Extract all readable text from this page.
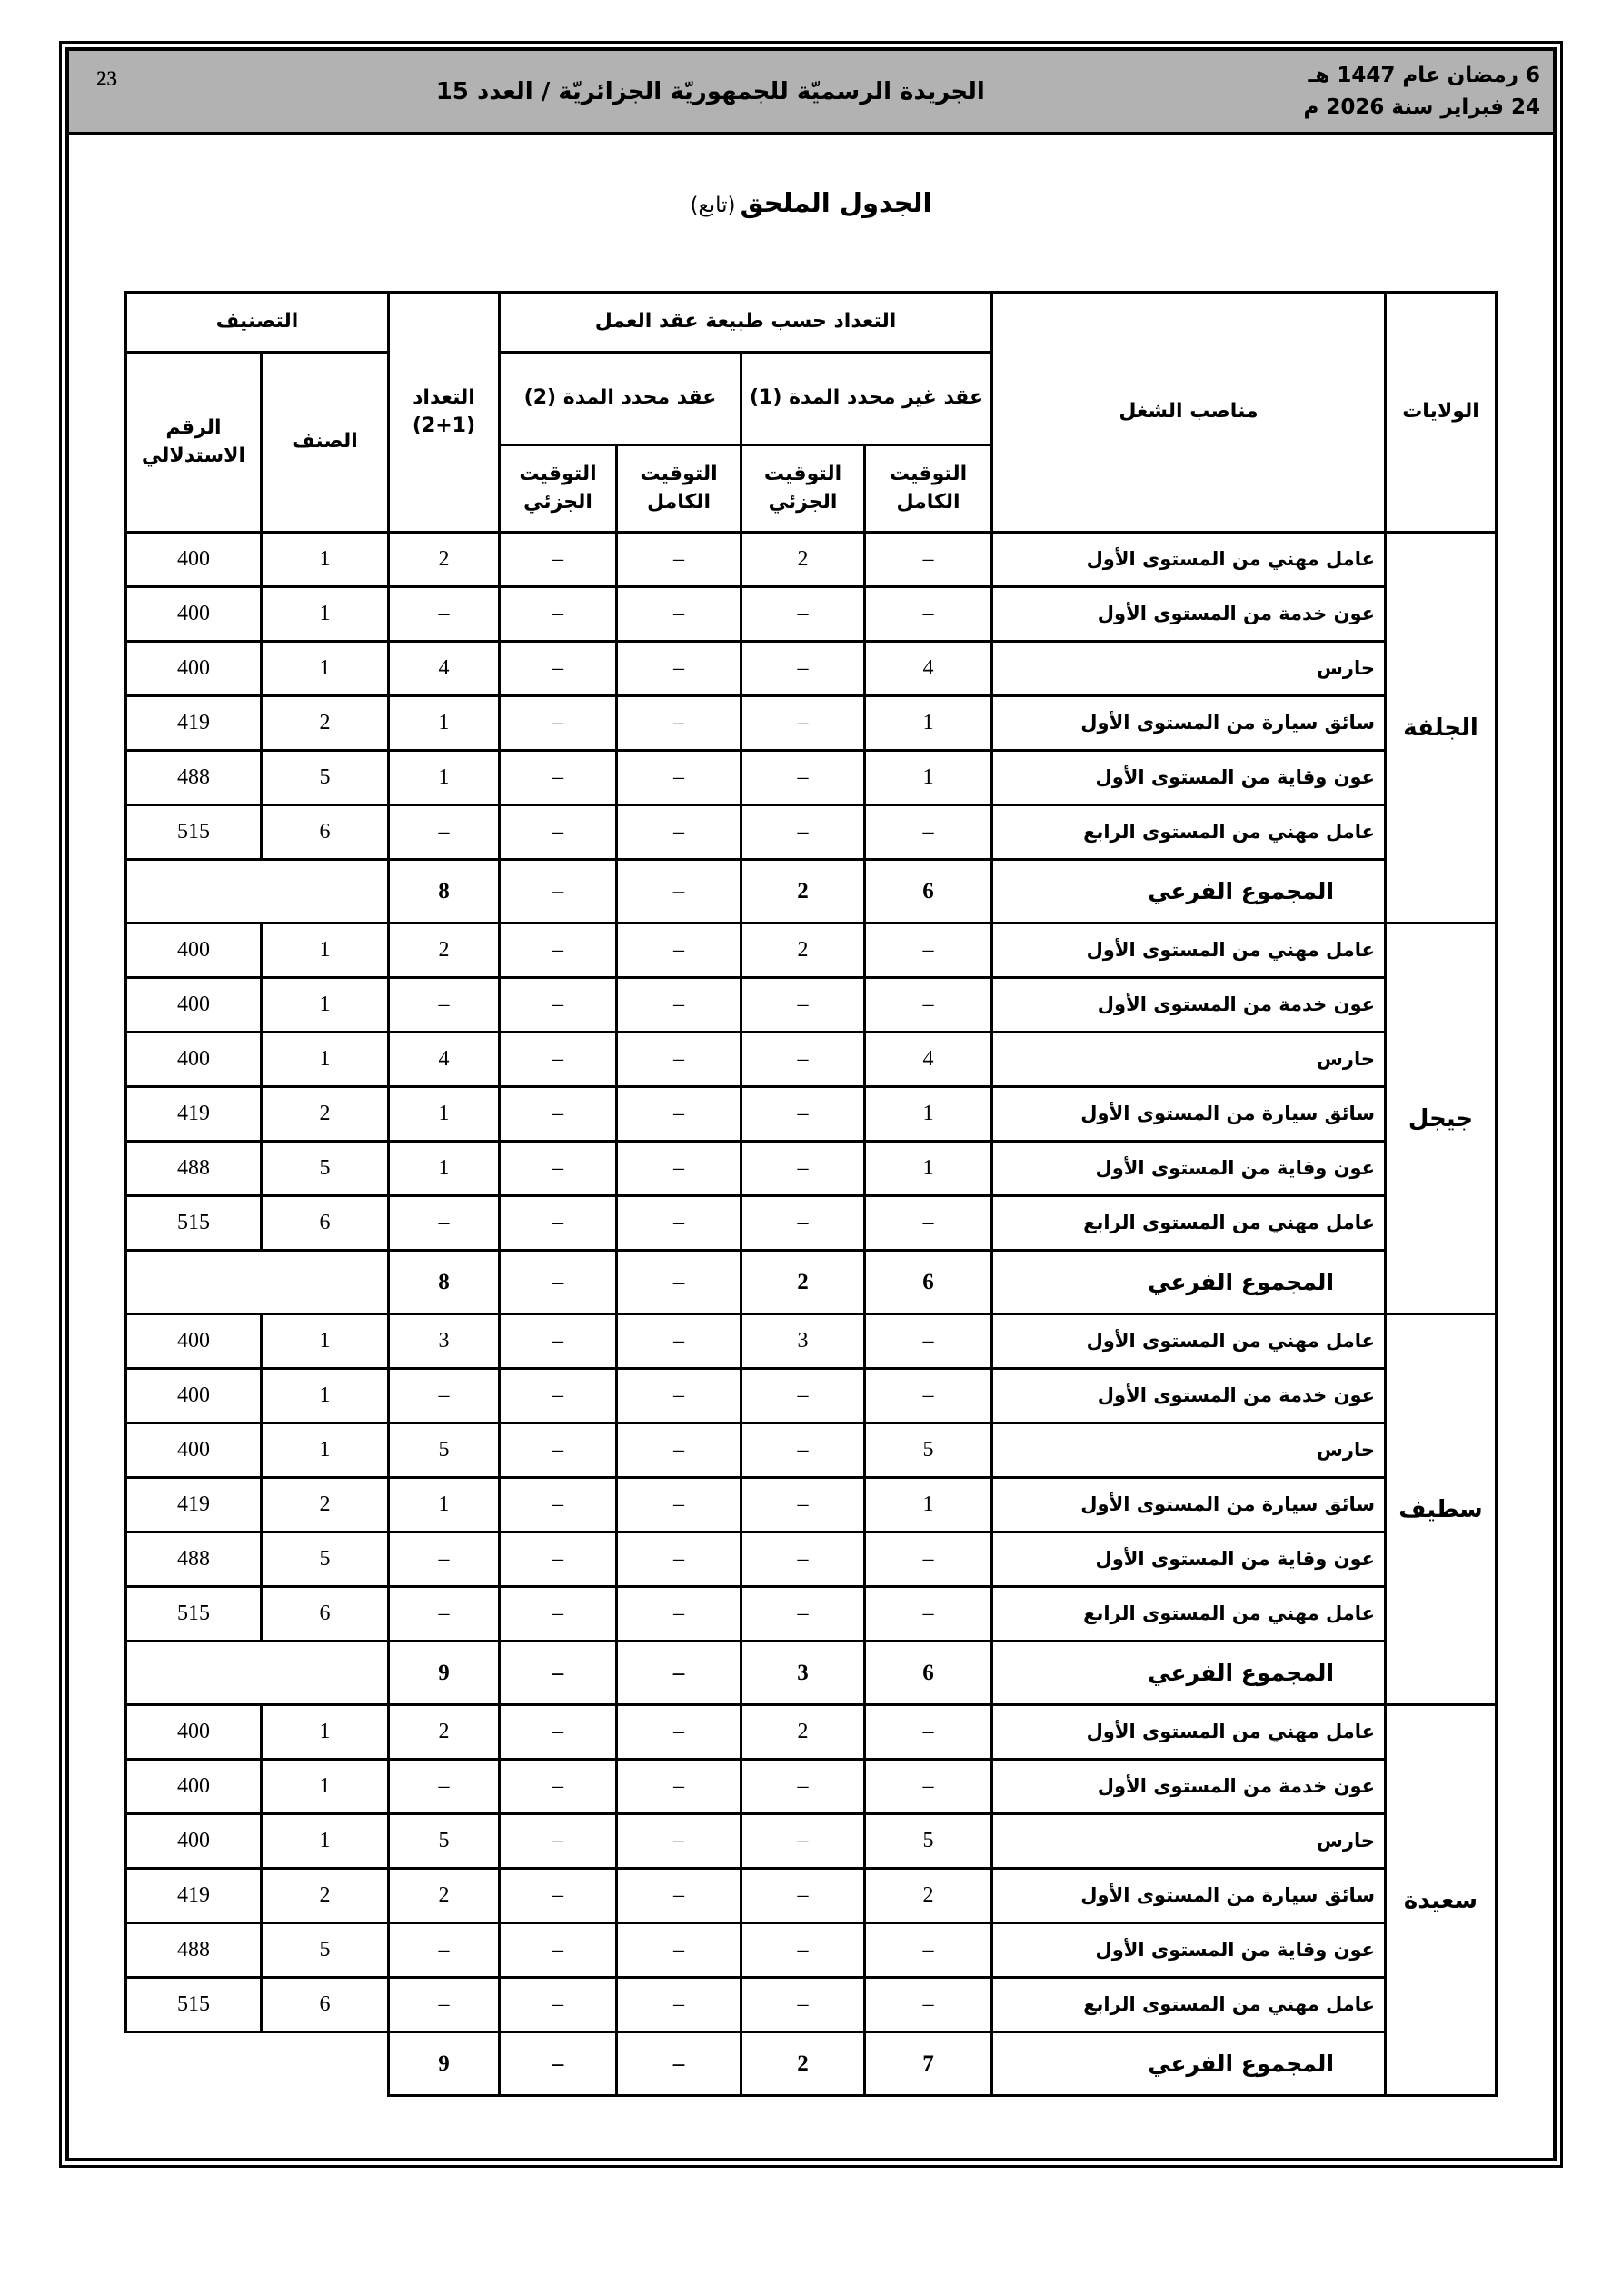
6 رمضان عام 1447 هـ
24 فبراير سنة 2026 م
الجريدة الرسميّة للجمهوريّة الجزائريّة / العدد 15
23
الجدول الملحق (تابع)
الولايات	مناصب الشغل	التعداد حسب طبيعة عقد العمل				التعداد
(2+1)	التصنيف	
		عقد غير محدد المدة (1)		عقد محدد المدة (2)			الصنف	الرقم الاستدلالي
		التوقيت الكامل	التوقيت الجزئي	التوقيت الكامل	التوقيت الجزئي			
الجلفة	عامل مهني من المستوى الأول	–	2	–	–	2	1	400
	عون خدمة من المستوى الأول	–	–	–	–	–	1	400
	حارس	4	–	–	–	4	1	400
	سائق سيارة من المستوى الأول	1	–	–	–	1	2	419
	عون وقاية من المستوى الأول	1	–	–	–	1	5	488
	عامل مهني من المستوى الرابع	–	–	–	–	–	6	515
	المجموع الفرعي	6	2	–	–	8		
جيجل	عامل مهني من المستوى الأول	–	2	–	–	2	1	400
	عون خدمة من المستوى الأول	–	–	–	–	–	1	400
	حارس	4	–	–	–	4	1	400
	سائق سيارة من المستوى الأول	1	–	–	–	1	2	419
	عون وقاية من المستوى الأول	1	–	–	–	1	5	488
	عامل مهني من المستوى الرابع	–	–	–	–	–	6	515
	المجموع الفرعي	6	2	–	–	8		
سطيف	عامل مهني من المستوى الأول	–	3	–	–	3	1	400
	عون خدمة من المستوى الأول	–	–	–	–	–	1	400
	حارس	5	–	–	–	5	1	400
	سائق سيارة من المستوى الأول	1	–	–	–	1	2	419
	عون وقاية من المستوى الأول	–	–	–	–	–	5	488
	عامل مهني من المستوى الرابع	–	–	–	–	–	6	515
	المجموع الفرعي	6	3	–	–	9		
سعيدة	عامل مهني من المستوى الأول	–	2	–	–	2	1	400
	عون خدمة من المستوى الأول	–	–	–	–	–	1	400
	حارس	5	–	–	–	5	1	400
	سائق سيارة من المستوى الأول	2	–	–	–	2	2	419
	عون وقاية من المستوى الأول	–	–	–	–	–	5	488
	عامل مهني من المستوى الرابع	–	–	–	–	–	6	515
	المجموع الفرعي	7	2	–	–	9		
